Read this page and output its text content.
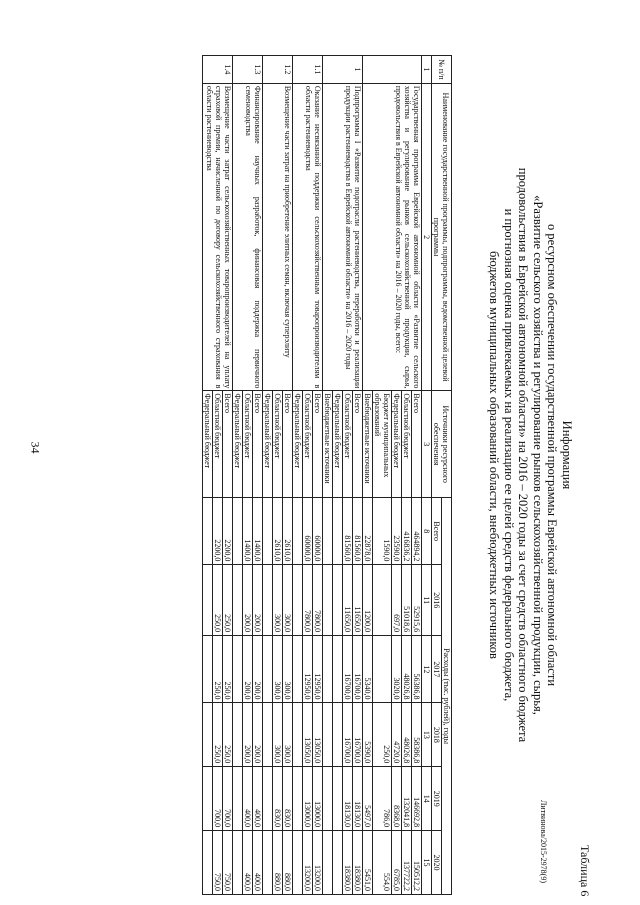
34
Литвинова/2015-2978(9)	Таблица 6
Информация
о ресурсном обеспечении государственной программы Еврейской автономной области
«Развитие сельского хозяйства и регулирование рынков сельскохозяйственной продукции, сырья,
продовольствия в Еврейской автономной области» на 2016 – 2020 годы за счет средств областного бюджета
и прогнозная оценка привлекаемых на реализацию ее целей средств федерального бюджета,
бюджетов муниципальных образований области, внебюджетных источников
№ п/п	Наименование государственной программы, подпрограммы, ведомственной целевой программы	Источники ресурсного обеспечения	Расходы (тыс. рублей), годы					
			Всего	2016	2017	2018	2019	2020
1	2	3	8	11	12	13	14	15
	Государственная программа Еврейской автономной области «Развитие сельского хозяйства и регулирование рынков сельскохозяйственной продукции, сырья, продовольствия в Еврейской автономной области» на 2016 – 2020 годы, всего:	Всего	464894,2	52915,6	56386,8	58386,8	146692,8	150512,2
		Областной бюджет	416836,2	51018,6	48026,8	48026,8	132041,8	137722,2
		Федеральный бюджет	23590,0	697,0	3020,0	4720,0	8368,0	6785,0
		Бюджет муниципальных образований	1590,0			250,0	786,0	554,0
		Внебюджетные источники	22878,0	1200,0	5340,0	5390,0	5497,0	5451,0
1	Подпрограмма I «Развитие подотрасли растениеводства, переработки и реализации продукции растениеводства в Еврейской автономной области» на 2016 – 2020 годы	Всего	81560,0	11650,0	16700,0	16700,0	18130,0	18380,0
		Областной бюджет	81560,0	11650,0	16700,0	16700,0	18130,0	18380,0
		Федеральный бюджет						
		Внебюджетные источники						
1.1	Оказание несвязанной поддержки сельскохозяйственным товаропроизводителям в области растениеводства	Всего	60000,0	7800,0	12950,0	13050,0	13000,0	13200,0
		Областной бюджет	60000,0	7800,0	12950,0	13050,0	13000,0	13200,0
		Федеральный бюджет						
1.2	Возмещение части затрат на приобретение элитных семян, включая суперэлиту	Всего	2610,0	300,0	300,0	300,0	830,0	880,0
		Областной бюджет	2610,0	300,0	300,0	300,0	830,0	880,0
		Федеральный бюджет						
1.3	Финансирование научных разработок, финансовая поддержка первичного семеноводства	Всего	1400,0	200,0	200,0	200,0	400,0	400,0
		Областной бюджет	1400,0	200,0	200,0	200,0	400,0	400,0
		Федеральный бюджет						
1.4	Возмещение части затрат сельскохозяйственных товаропроизводителей на уплату страховой премии, начисленной по договору сельскохозяйственного страхования в области растениеводства	Всего	2200,0	250,0	250,0	250,0	700,0	750,0
		Областной бюджет	2200,0	250,0	250,0	250,0	700,0	750,0
		Федеральный бюджет						
